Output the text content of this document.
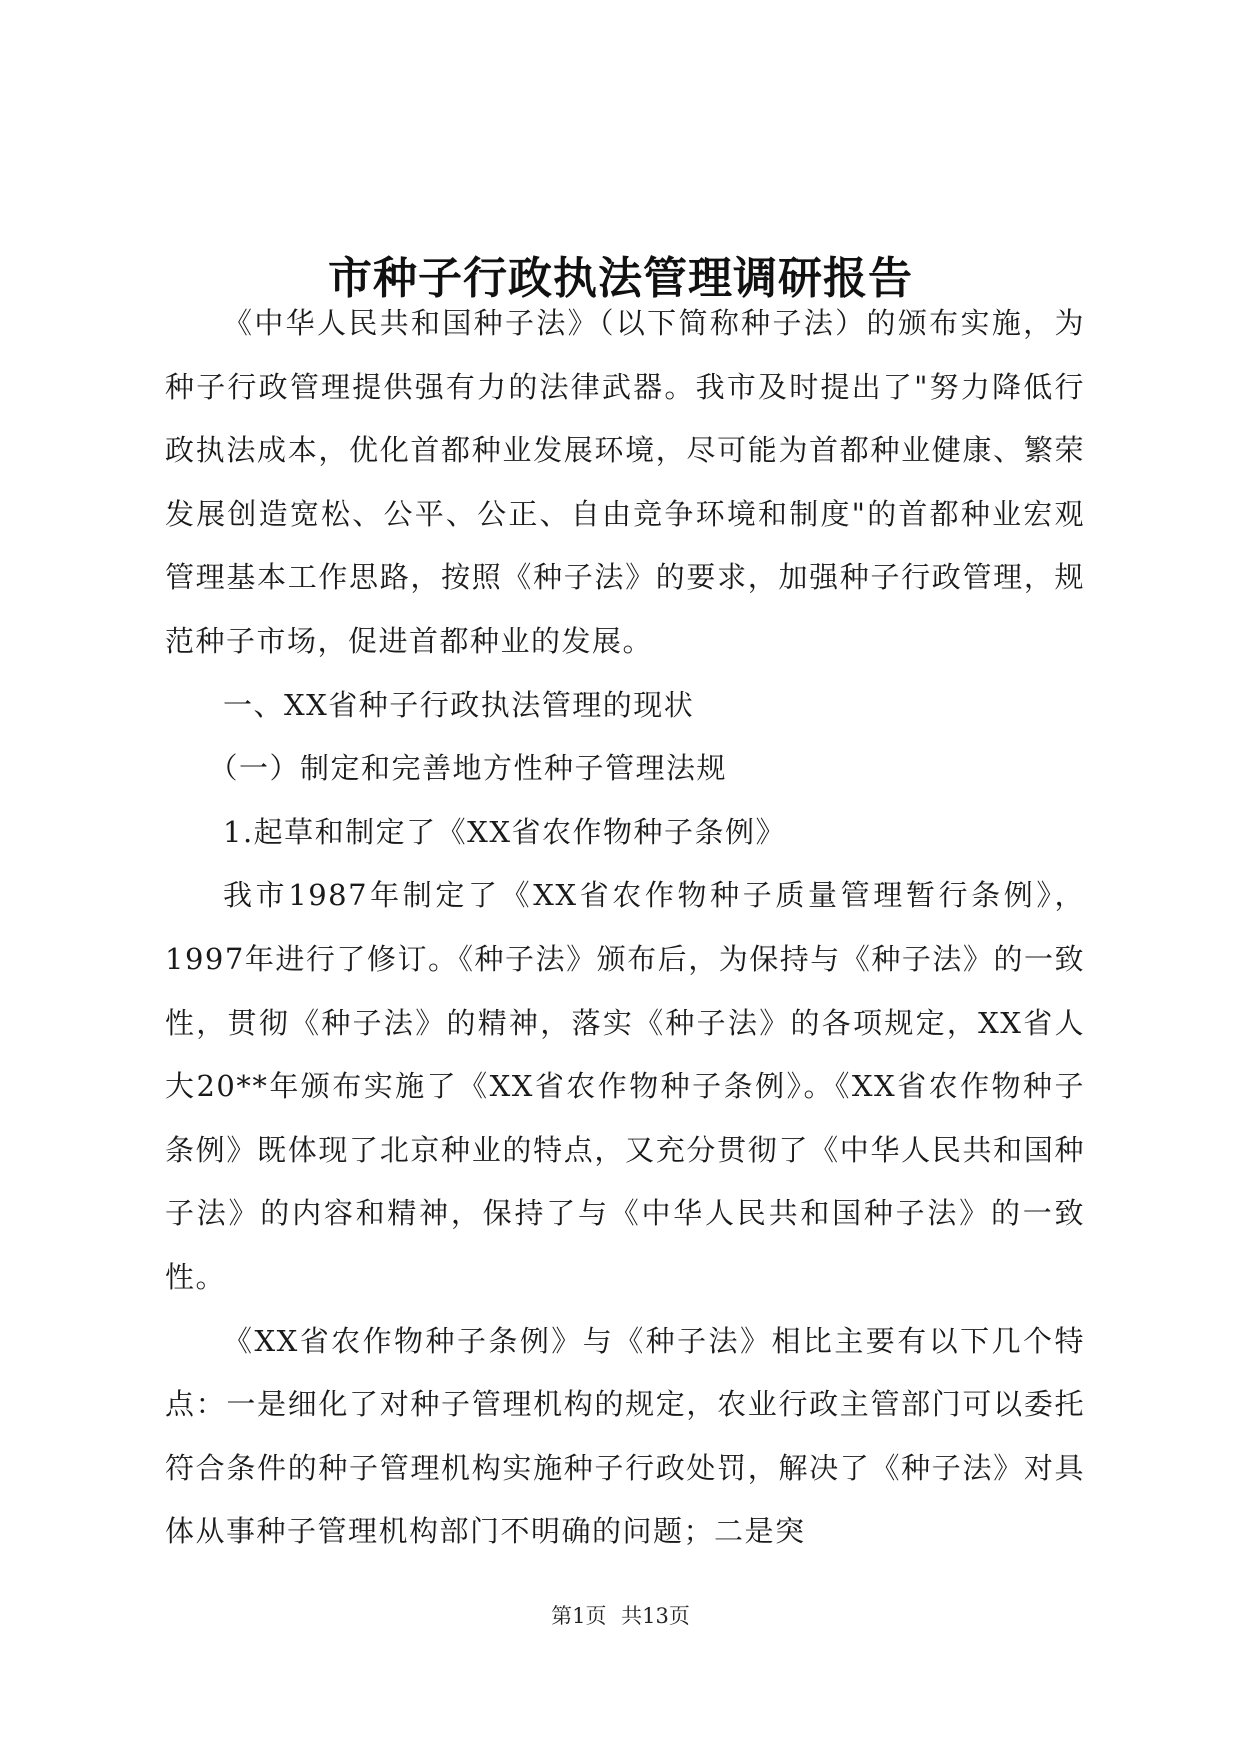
市种子行政执法管理调研报告

《中华人民共和国种子法》（以下简称种子法）的颁布实施，为种子行政管理提供强有力的法律武器。我市及时提出了"努力降低行政执法成本，优化首都种业发展环境，尽可能为首都种业健康、繁荣发展创造宽松、公平、公正、自由竞争环境和制度"的首都种业宏观管理基本工作思路，按照《种子法》的要求，加强种子行政管理，规范种子市场，促进首都种业的发展。

一、XX省种子行政执法管理的现状

（一）制定和完善地方性种子管理法规

1.起草和制定了《XX省农作物种子条例》

我市1987年制定了《XX省农作物种子质量管理暂行条例》，1997年进行了修订。《种子法》颁布后，为保持与《种子法》的一致性，贯彻《种子法》的精神，落实《种子法》的各项规定，XX省人大20**年颁布实施了《XX省农作物种子条例》。《XX省农作物种子条例》既体现了北京种业的特点，又充分贯彻了《中华人民共和国种子法》的内容和精神，保持了与《中华人民共和国种子法》的一致性。

《XX省农作物种子条例》与《种子法》相比主要有以下几个特点：一是细化了对种子管理机构的规定，农业行政主管部门可以委托符合条件的种子管理机构实施种子行政处罚，解决了《种子法》对具体从事种子管理机构部门不明确的问题；二是突

第1页 共13页
